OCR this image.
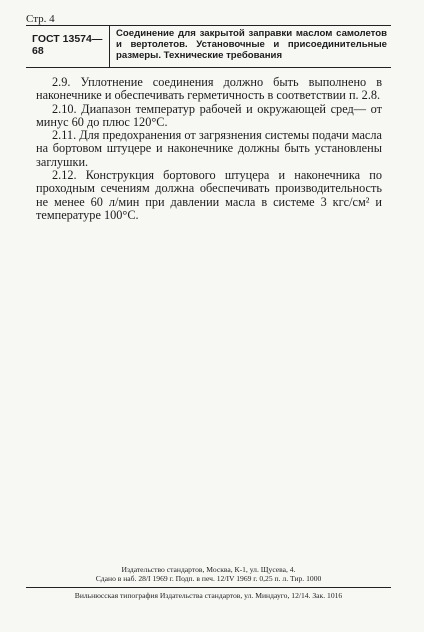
Стр. 4
ГОСТ 13574—68
Соединение для закрытой заправки маслом самолетов и вертолетов. Установочные и присоединительные размеры. Технические требования

2.9. Уплотнение соединения должно быть выполнено в наконечнике и обеспечивать герметичность в соответствии п. 2.8.

2.10. Диапазон температур рабочей и окружающей сред— от минус 60 до плюс 120°С.

2.11. Для предохранения от загрязнения системы подачи масла на бортовом штуцере и наконечнике должны быть установлены заглушки.

2.12. Конструкция бортового штуцера и наконечника по проходным сечениям должна обеспечивать производительность не менее 60 л/мин при давлении масла в системе 3 кгс/см² и температуре 100°С.

Издательство стандартов, Москва, К-1, ул. Щусева, 4.
Сдано в наб. 28/I 1969 г. Подп. в печ. 12/IV 1969 г. 0,25 п. л. Тир. 1000
Вильнюсская типография Издательства стандартов, ул. Миндауго, 12/14. Зак. 1016
